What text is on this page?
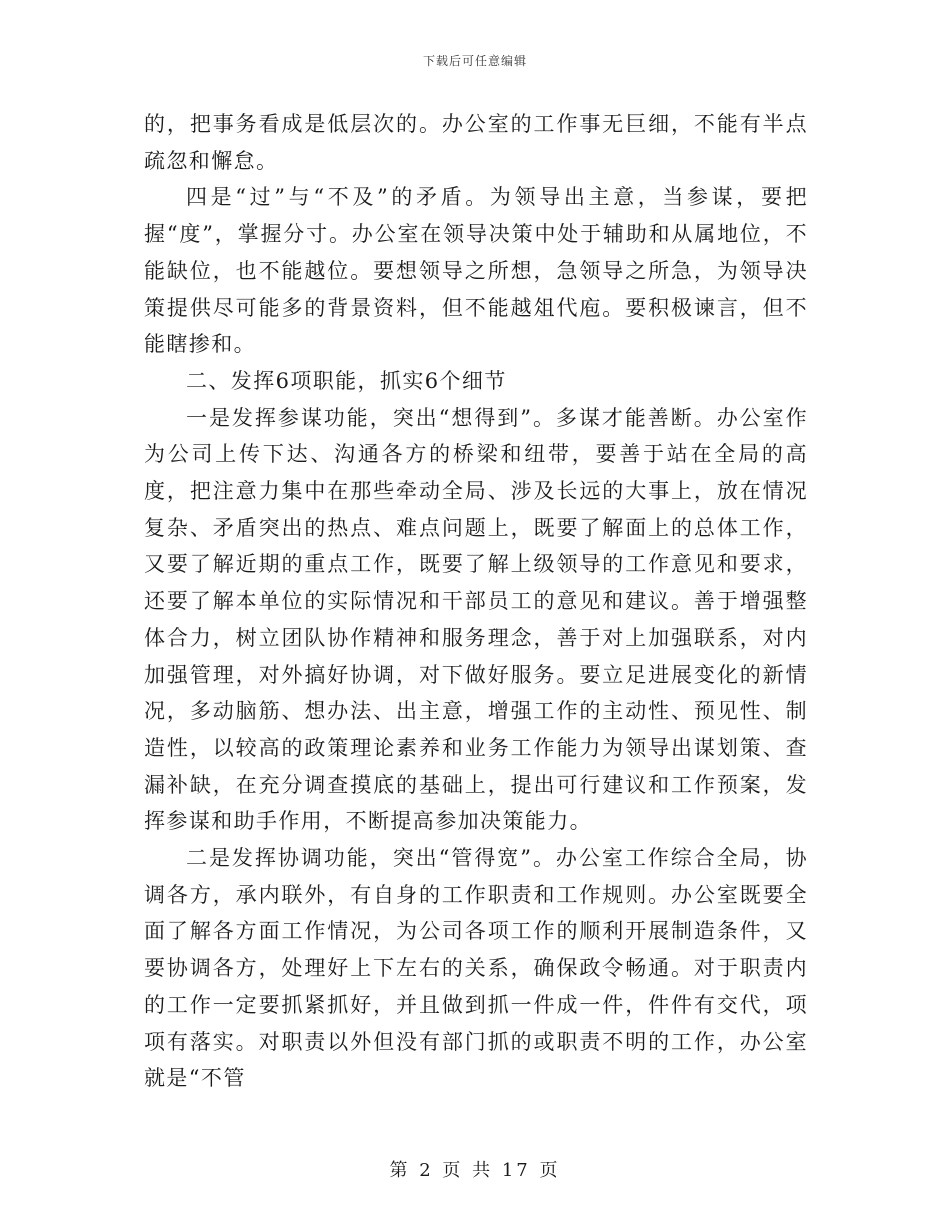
下载后可任意编辑

的，把事务看成是低层次的。办公室的工作事无巨细，不能有半点疏忽和懈怠。

四是“过”与“不及”的矛盾。为领导出主意，当参谋，要把握“度”，掌握分寸。办公室在领导决策中处于辅助和从属地位，不能缺位，也不能越位。要想领导之所想，急领导之所急，为领导决策提供尽可能多的背景资料，但不能越俎代庖。要积极谏言，但不能瞎掺和。

二、发挥6项职能，抓实6个细节

一是发挥参谋功能，突出“想得到”。多谋才能善断。办公室作为公司上传下达、沟通各方的桥梁和纽带，要善于站在全局的高度，把注意力集中在那些牵动全局、涉及长远的大事上，放在情况复杂、矛盾突出的热点、难点问题上，既要了解面上的总体工作，又要了解近期的重点工作，既要了解上级领导的工作意见和要求，还要了解本单位的实际情况和干部员工的意见和建议。善于增强整体合力，树立团队协作精神和服务理念，善于对上加强联系，对内加强管理，对外搞好协调，对下做好服务。要立足进展变化的新情况，多动脑筋、想办法、出主意，增强工作的主动性、预见性、制造性，以较高的政策理论素养和业务工作能力为领导出谋划策、查漏补缺，在充分调查摸底的基础上，提出可行建议和工作预案，发挥参谋和助手作用，不断提高参加决策能力。

二是发挥协调功能，突出“管得宽”。办公室工作综合全局，协调各方，承内联外，有自身的工作职责和工作规则。办公室既要全面了解各方面工作情况，为公司各项工作的顺利开展制造条件，又要协调各方，处理好上下左右的关系，确保政令畅通。对于职责内的工作一定要抓紧抓好，并且做到抓一件成一件，件件有交代，项项有落实。对职责以外但没有部门抓的或职责不明的工作，办公室就是“不管

第 2 页 共 17 页
